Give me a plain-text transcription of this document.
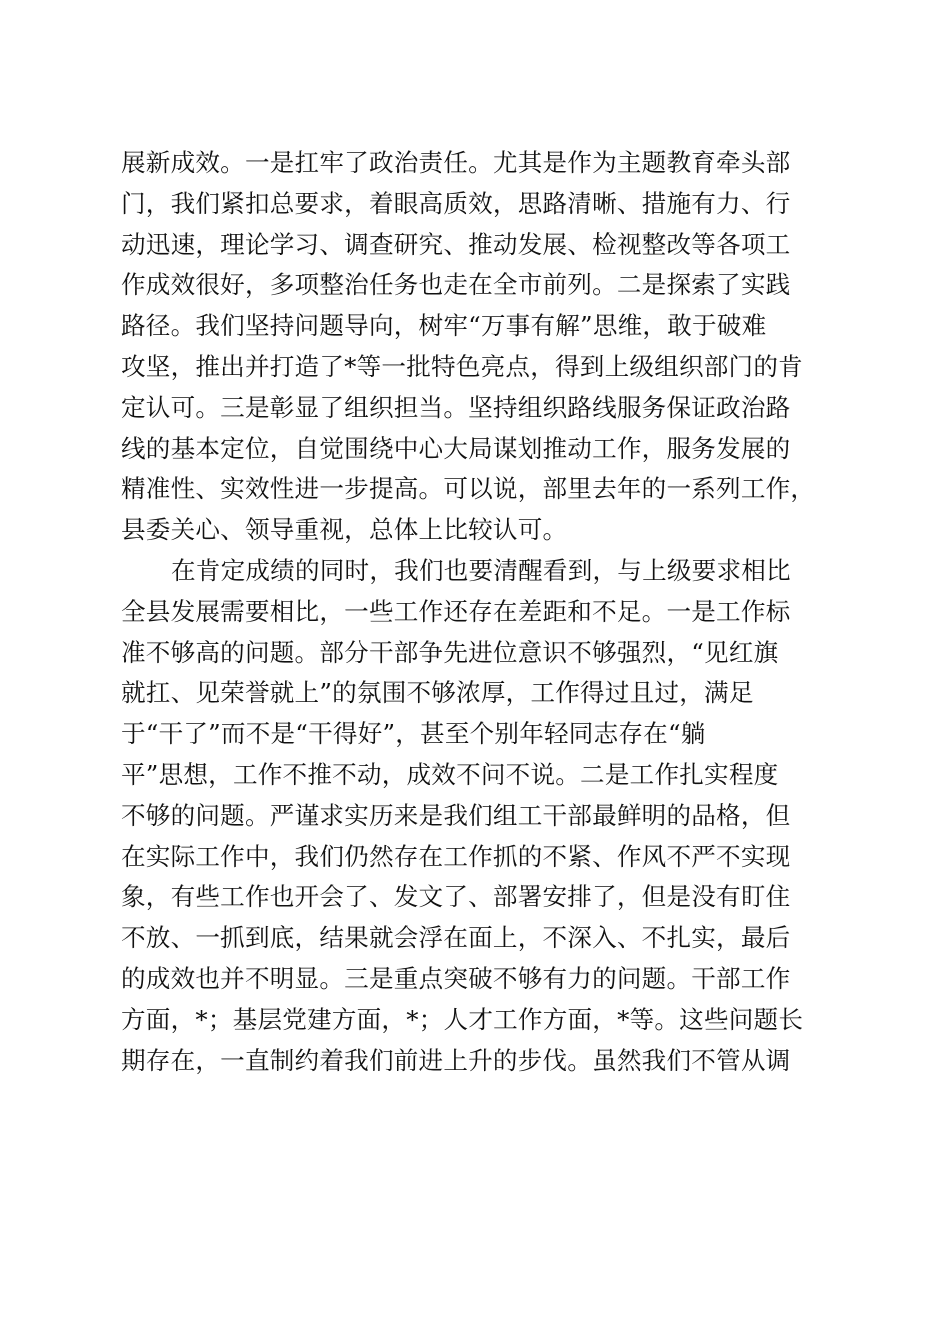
展新成效。一是扛牢了政治责任。尤其是作为主题教育牵头部
门，我们紧扣总要求，着眼高质效，思路清晰、措施有力、行
动迅速，理论学习、调查研究、推动发展、检视整改等各项工
作成效很好，多项整治任务也走在全市前列。二是探索了实践
路径。我们坚持问题导向，树牢“万事有解”思维，敢于破难
攻坚，推出并打造了*等一批特色亮点，得到上级组织部门的肯
定认可。三是彰显了组织担当。坚持组织路线服务保证政治路
线的基本定位，自觉围绕中心大局谋划推动工作，服务发展的
精准性、实效性进一步提高。可以说，部里去年的一系列工作，
县委关心、领导重视，总体上比较认可。
在肯定成绩的同时，我们也要清醒看到，与上级要求相比
全县发展需要相比，一些工作还存在差距和不足。一是工作标
准不够高的问题。部分干部争先进位意识不够强烈，“见红旗
就扛、见荣誉就上”的氛围不够浓厚，工作得过且过，满足
于“干了”而不是“干得好”，甚至个别年轻同志存在“躺
平”思想，工作不推不动，成效不问不说。二是工作扎实程度
不够的问题。严谨求实历来是我们组工干部最鲜明的品格，但
在实际工作中，我们仍然存在工作抓的不紧、作风不严不实现
象，有些工作也开会了、发文了、部署安排了，但是没有盯住
不放、一抓到底，结果就会浮在面上，不深入、不扎实，最后
的成效也并不明显。三是重点突破不够有力的问题。干部工作
方面，*；基层党建方面，*；人才工作方面，*等。这些问题长
期存在，一直制约着我们前进上升的步伐。虽然我们不管从调
